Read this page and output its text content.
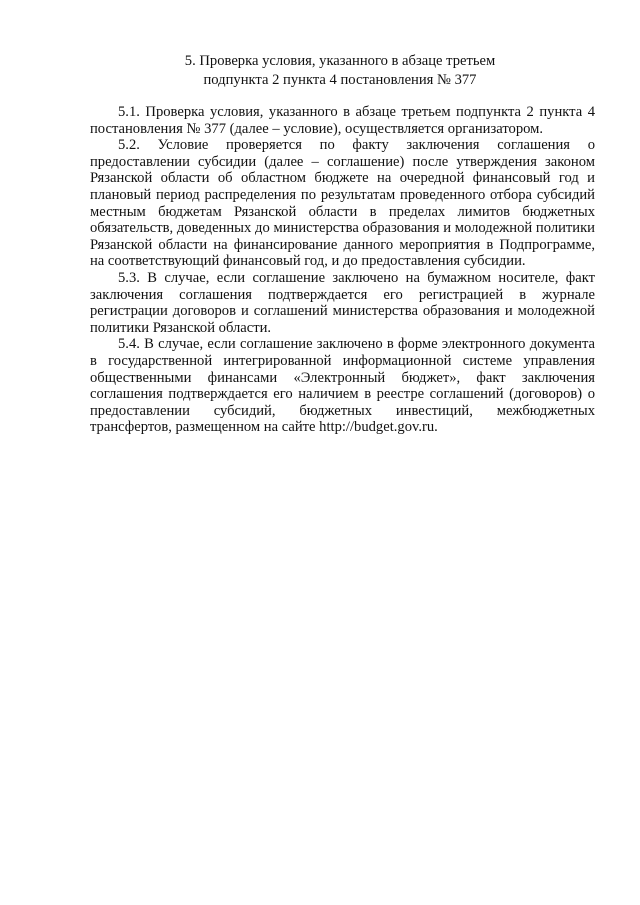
5. Проверка условия, указанного в абзаце третьем
подпункта 2 пункта 4 постановления № 377

5.1. Проверка условия, указанного в абзаце третьем подпункта 2 пункта 4 постановления № 377 (далее – условие), осуществляется организатором.

5.2. Условие проверяется по факту заключения соглашения о предоставлении субсидии (далее – соглашение) после утверждения законом Рязанской области об областном бюджете на очередной финансовый год и плановый период распределения по результатам проведенного отбора субсидий местным бюджетам Рязанской области в пределах лимитов бюджетных обязательств, доведенных до министерства образования и молодежной политики Рязанской области на финансирование данного мероприятия в Подпрограмме, на соответствующий финансовый год, и до предоставления субсидии.

5.3. В случае, если соглашение заключено на бумажном носителе, факт заключения соглашения подтверждается его регистрацией в журнале регистрации договоров и соглашений министерства образования и молодежной политики Рязанской области.

5.4. В случае, если соглашение заключено в форме электронного документа в государственной интегрированной информационной системе управления общественными финансами «Электронный бюджет», факт заключения соглашения подтверждается его наличием в реестре соглашений (договоров) о предоставлении субсидий, бюджетных инвестиций, межбюджетных трансфертов, размещенном на сайте http://budget.gov.ru.
